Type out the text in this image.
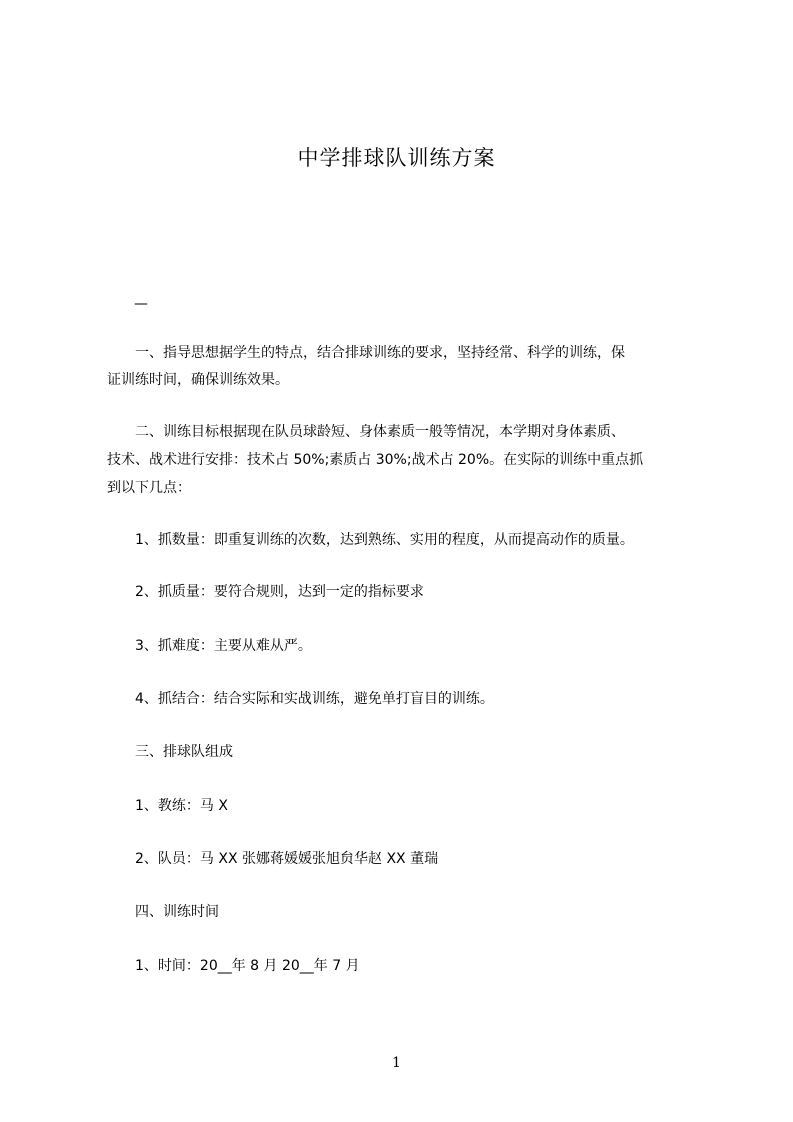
中学排球队训练方案
—
一、指导思想据学生的特点，结合排球训练的要求，坚持经常、科学的训练，保
证训练时间，确保训练效果。
二、训练目标根据现在队员球龄短、身体素质一般等情况，本学期对身体素质、
技术、战术进行安排：技术占 50%;素质占 30%;战术占 20%。在实际的训练中重点抓
到以下几点：
1、抓数量：即重复训练的次数，达到熟练、实用的程度，从而提高动作的质量。
2、抓质量：要符合规则，达到一定的指标要求
3、抓难度：主要从难从严。
4、抓结合：结合实际和实战训练，避免单打盲目的训练。
三、排球队组成
1、教练：马 X
2、队员：马 XX 张娜蒋媛媛张旭贠华赵 XX 董瑞
四、训练时间
1、时间：20__年 8 月 20__年 7 月
1
